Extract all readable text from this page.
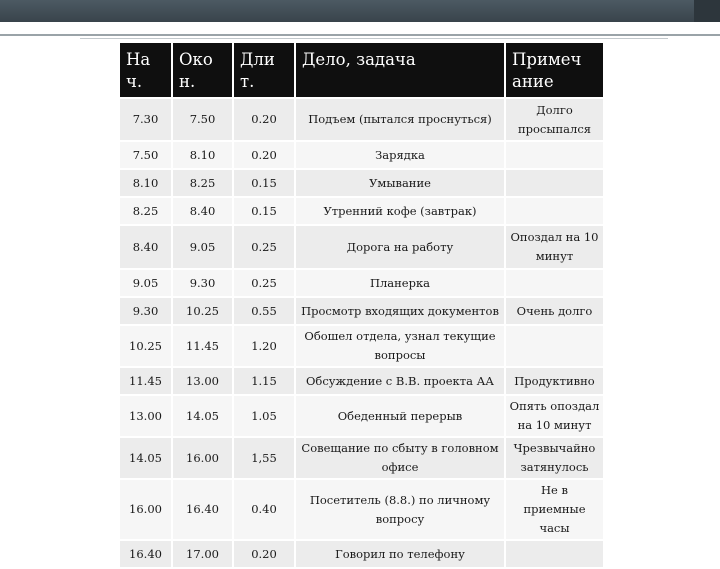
На ч.	Око н.	Дли т.	Дело, задача	Примеч ание
7.30	7.50	0.20	Подъем (пытался проснуться)	Долго просыпался
7.50	8.10	0.20	Зарядка	
8.10	8.25	0.15	Умывание	
8.25	8.40	0.15	Утренний кофе (завтрак)	
8.40	9.05	0.25	Дорога на работу	Опоздал на 10 минут
9.05	9.30	0.25	Планерка	
9.30	10.25	0.55	Просмотр входящих документов	Очень долго
10.25	11.45	1.20	Обошел отдела, узнал текущие вопросы	
11.45	13.00	1.15	Обсуждение с В.В. проекта АА	Продуктивно
13.00	14.05	1.05	Обеденный перерыв	Опять опоздал на 10 минут
14.05	16.00	1,55	Совещание по сбыту в головном офисе	Чрезвычайно затянулось
16.00	16.40	0.40	Посетитель (8.8.) по личному вопросу	Не в приемные часы
16.40	17.00	0.20	Говорил по телефону	
